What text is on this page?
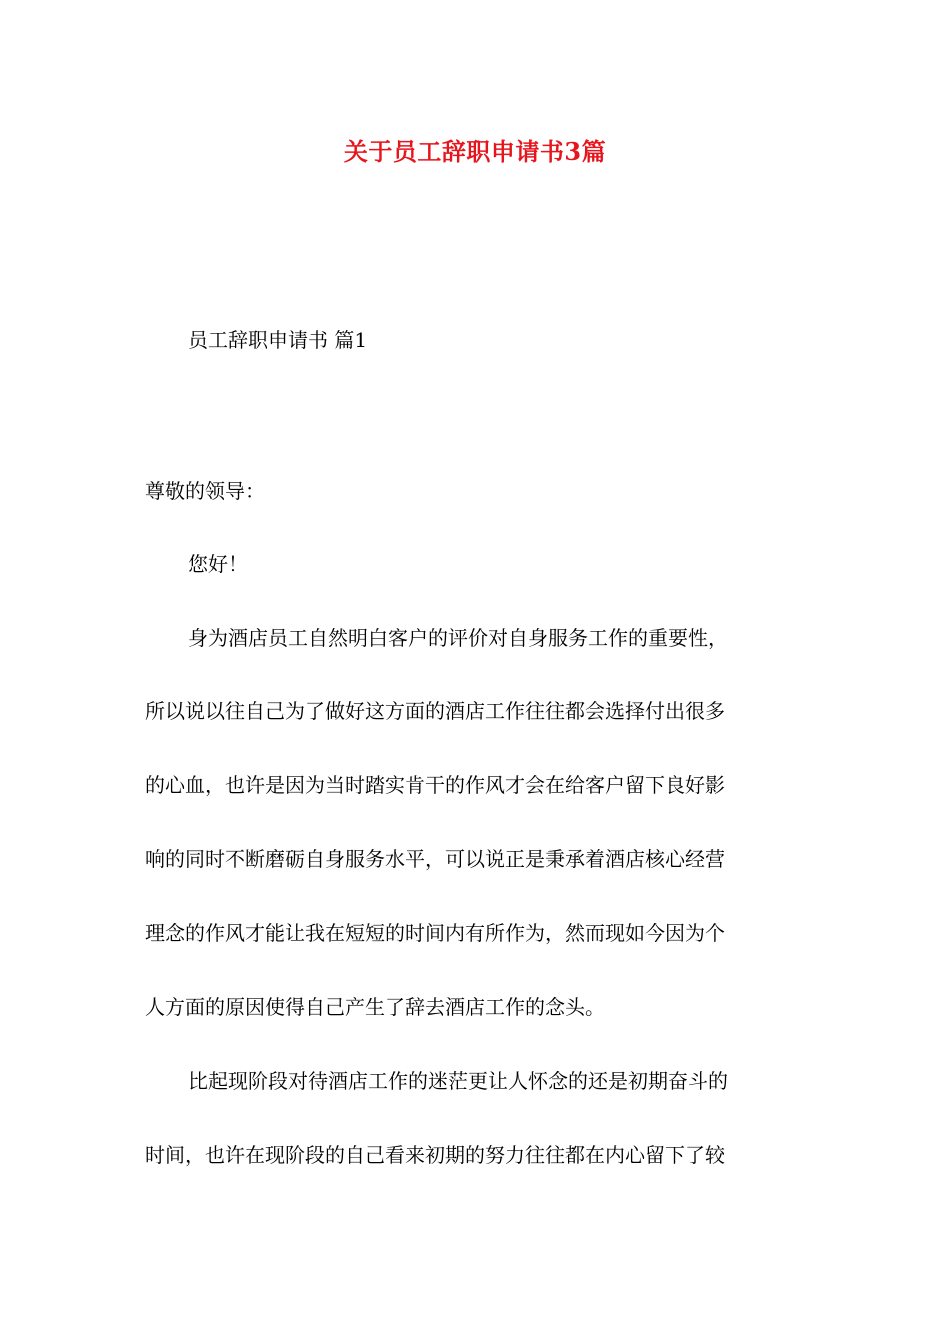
关于员工辞职申请书3篇
员工辞职申请书 篇1
尊敬的领导：
您好！
身为酒店员工自然明白客户的评价对自身服务工作的重要性，
所以说以往自己为了做好这方面的酒店工作往往都会选择付出很多
的心血，也许是因为当时踏实肯干的作风才会在给客户留下良好影
响的同时不断磨砺自身服务水平，可以说正是秉承着酒店核心经营
理念的作风才能让我在短短的时间内有所作为，然而现如今因为个
人方面的原因使得自己产生了辞去酒店工作的念头。
比起现阶段对待酒店工作的迷茫更让人怀念的还是初期奋斗的
时间，也许在现阶段的自己看来初期的努力往往都在内心留下了较
